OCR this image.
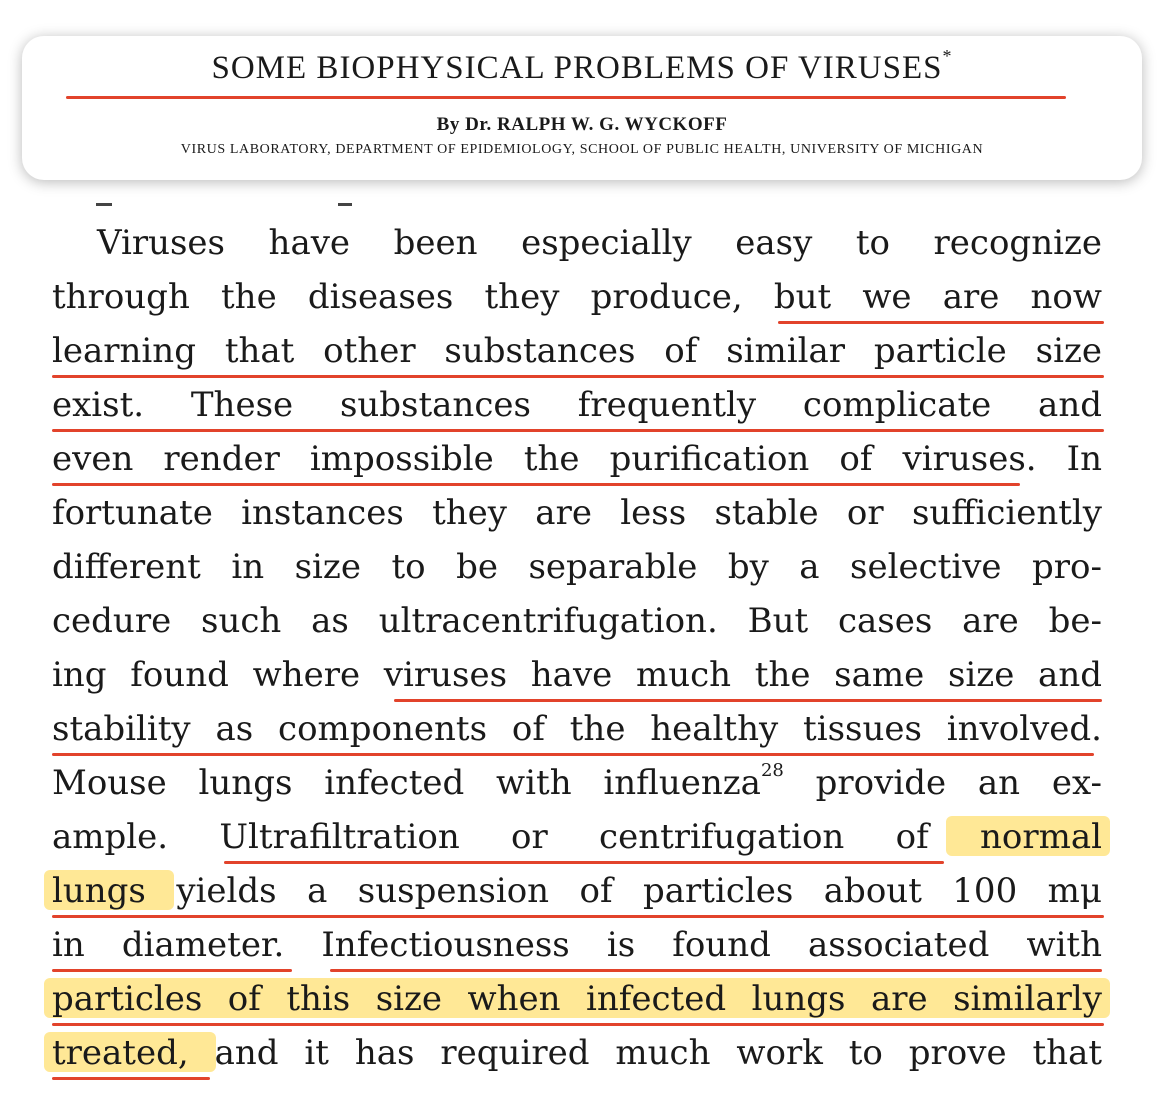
SOME BIOPHYSICAL PROBLEMS OF VIRUSES*
By Dr. RALPH W. G. WYCKOFF
VIRUS LABORATORY, DEPARTMENT OF EPIDEMIOLOGY, SCHOOL OF PUBLIC HEALTH, UNIVERSITY OF MICHIGAN
Viruses have been especially easy to recognize
through the diseases they produce, but we are now
learning that other substances of similar particle size
exist. These substances frequently complicate and
even render impossible the purification of viruses. In
fortunate instances they are less stable or sufficiently
different in size to be separable by a selective pro-
cedure such as ultracentrifugation. But cases are be-
ing found where viruses have much the same size and
stability as components of the healthy tissues involved.
Mouse lungs infected with influenza$^{28}$ provide an ex-
ample. Ultrafiltration or centrifugation of normal
lungs yields a suspension of particles about 100 mμ
in diameter. Infectiousness is found associated with
particles of this size when infected lungs are similarly
treated, and it has required much work to prove that
